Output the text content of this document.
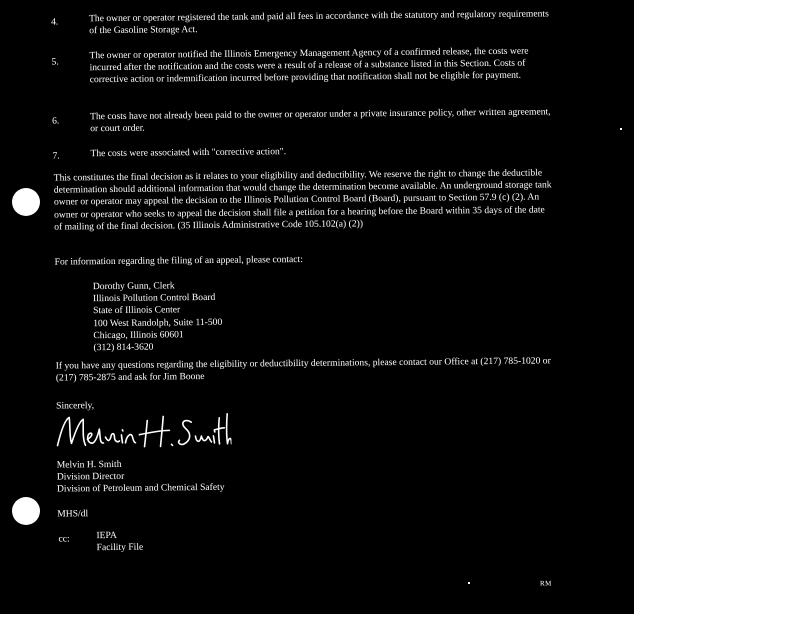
4.	The owner or operator registered the tank and paid all fees in accordance with the statutory and regulatory requirements of the Gasoline Storage Act.
5.
The owner or operator notified the Illinois Emergency Management Agency of a confirmed release, the costs were incurred after the notification and the costs were a result of a release of a substance listed in this Section. Costs of corrective action or indemnification incurred before providing that notification shall not be eligible for payment.
6.	The costs have not already been paid to the owner or operator under a private insurance policy, other written agreement, or court order.
7.	The costs were associated with "corrective action".
This constitutes the final decision as it relates to your eligibility and deductibility. We reserve the right to change the deductible determination should additional information that would change the determination become available. An underground storage tank owner or operator may appeal the decision to the Illinois Pollution Control Board (Board), pursuant to Section 57.9 (c) (2). An owner or operator who seeks to appeal the decision shall file a petition for a hearing before the Board within 35 days of the date of mailing of the final decision. (35 Illinois Administrative Code 105.102(a) (2))
For information regarding the filing of an appeal, please contact:
Dorothy Gunn, Clerk
Illinois Pollution Control Board
State of Illinois Center
100 West Randolph, Suite 11-500
Chicago, Illinois 60601
(312) 814-3620
If you have any questions regarding the eligibility or deductibility determinations, please contact our Office at (217) 785-1020 or (217) 785-2875 and ask for Jim Boone
Sincerely,
Melvin H. Smith
Division Director
Division of Petroleum and Chemical Safety
MHS/dl
cc:	IEPA
Facility File
RM
